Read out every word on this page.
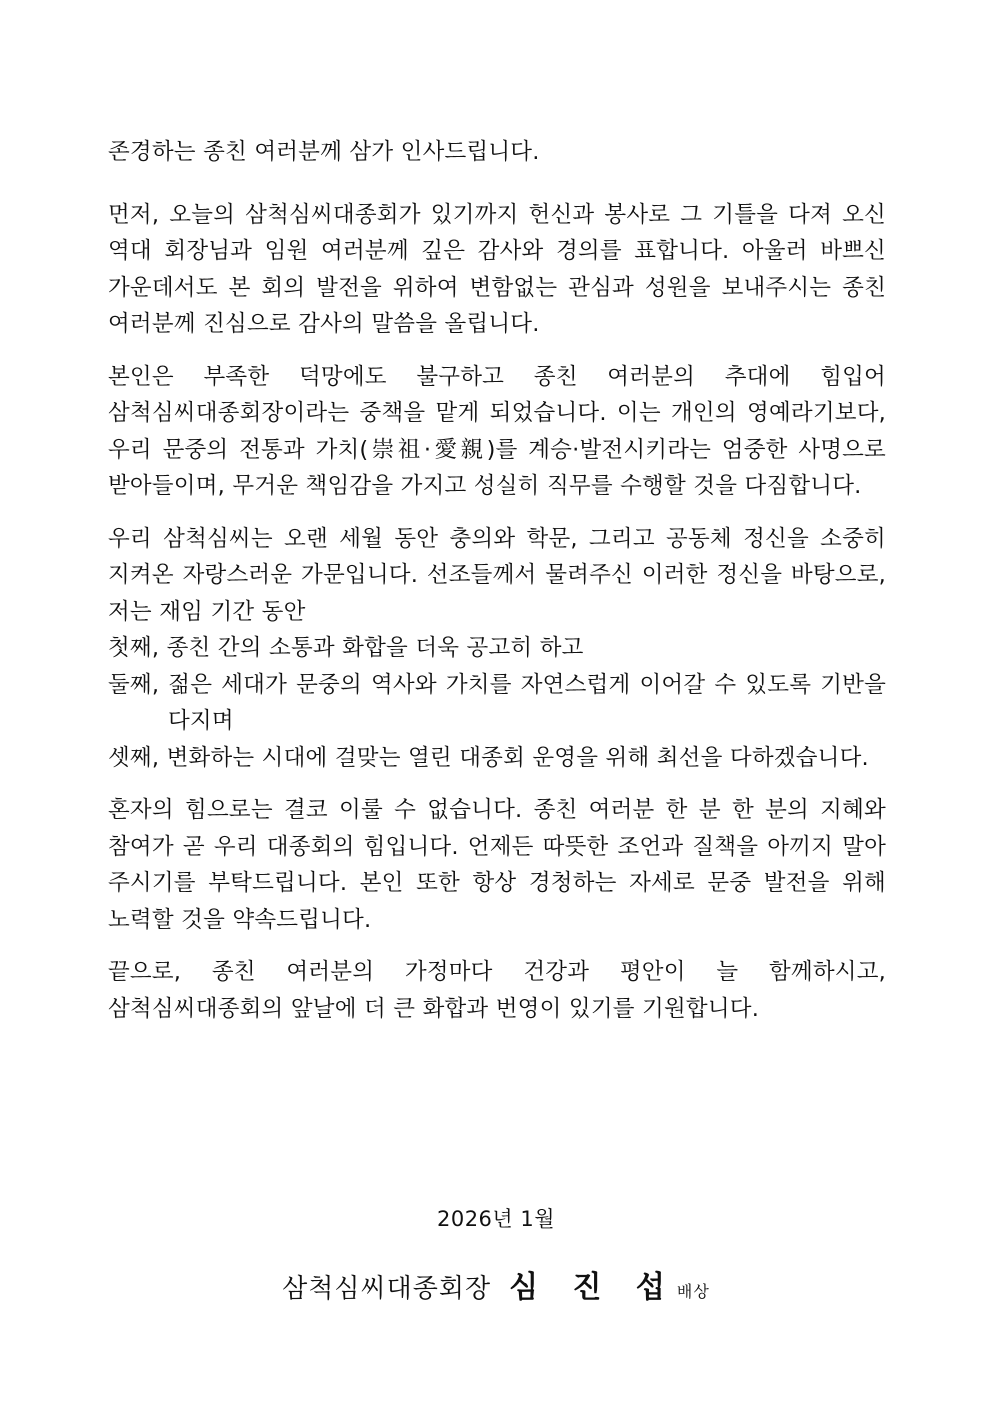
존경하는 종친 여러분께 삼가 인사드립니다.
먼저, 오늘의 삼척심씨대종회가 있기까지 헌신과 봉사로 그 기틀을 다져 오신 역대 회장님과 임원 여러분께 깊은 감사와 경의를 표합니다. 아울러 바쁘신 가운데서도 본 회의 발전을 위하여 변함없는 관심과 성원을 보내주시는 종친 여러분께 진심으로 감사의 말씀을 올립니다.
본인은 부족한 덕망에도 불구하고 종친 여러분의 추대에 힘입어 삼척심씨대종회장이라는 중책을 맡게 되었습니다. 이는 개인의 영예라기보다, 우리 문중의 전통과 가치(崇祖·愛親)를 계승·발전시키라는 엄중한 사명으로 받아들이며, 무거운 책임감을 가지고 성실히 직무를 수행할 것을 다짐합니다.
우리 삼척심씨는 오랜 세월 동안 충의와 학문, 그리고 공동체 정신을 소중히 지켜온 자랑스러운 가문입니다. 선조들께서 물려주신 이러한 정신을 바탕으로, 저는 재임 기간 동안
첫째, 종친 간의 소통과 화합을 더욱 공고히 하고
둘째, 젊은 세대가 문중의 역사와 가치를 자연스럽게 이어갈 수 있도록 기반을 다지며
셋째, 변화하는 시대에 걸맞는 열린 대종회 운영을 위해 최선을 다하겠습니다.
혼자의 힘으로는 결코 이룰 수 없습니다. 종친 여러분 한 분 한 분의 지혜와 참여가 곧 우리 대종회의 힘입니다. 언제든 따뜻한 조언과 질책을 아끼지 말아 주시기를 부탁드립니다. 본인 또한 항상 경청하는 자세로 문중 발전을 위해 노력할 것을 약속드립니다.
끝으로, 종친 여러분의 가정마다 건강과 평안이 늘 함께하시고, 삼척심씨대종회의 앞날에 더 큰 화합과 번영이 있기를 기원합니다.
2026년 1월
삼척심씨대종회장 심 진 섭배상
